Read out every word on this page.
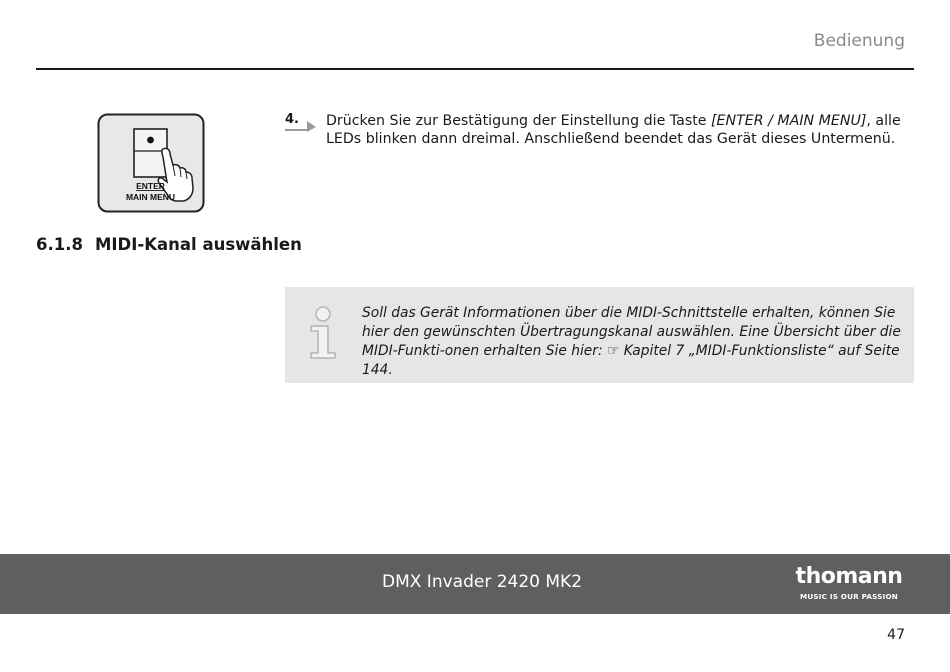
Bedienung
ENTER
MAIN MENU
4. Drücken Sie zur Bestätigung der Einstellung die Taste [ENTER / MAIN MENU], alle LEDs blinken dann dreimal. Anschließend beendet das Gerät dieses Untermenü.
6.1.8 MIDI-Kanal auswählen
Soll das Gerät Informationen über die MIDI-Schnittstelle erhalten, können Sie hier den gewünschten Übertragungskanal auswählen. Eine Übersicht über die MIDI-Funkti-onen erhalten Sie hier: ☞ Kapitel 7 „MIDI-Funktionsliste“ auf Seite 144.
DMX Invader 2420 MK2	thomann
MUSIC IS OUR PASSION
47
